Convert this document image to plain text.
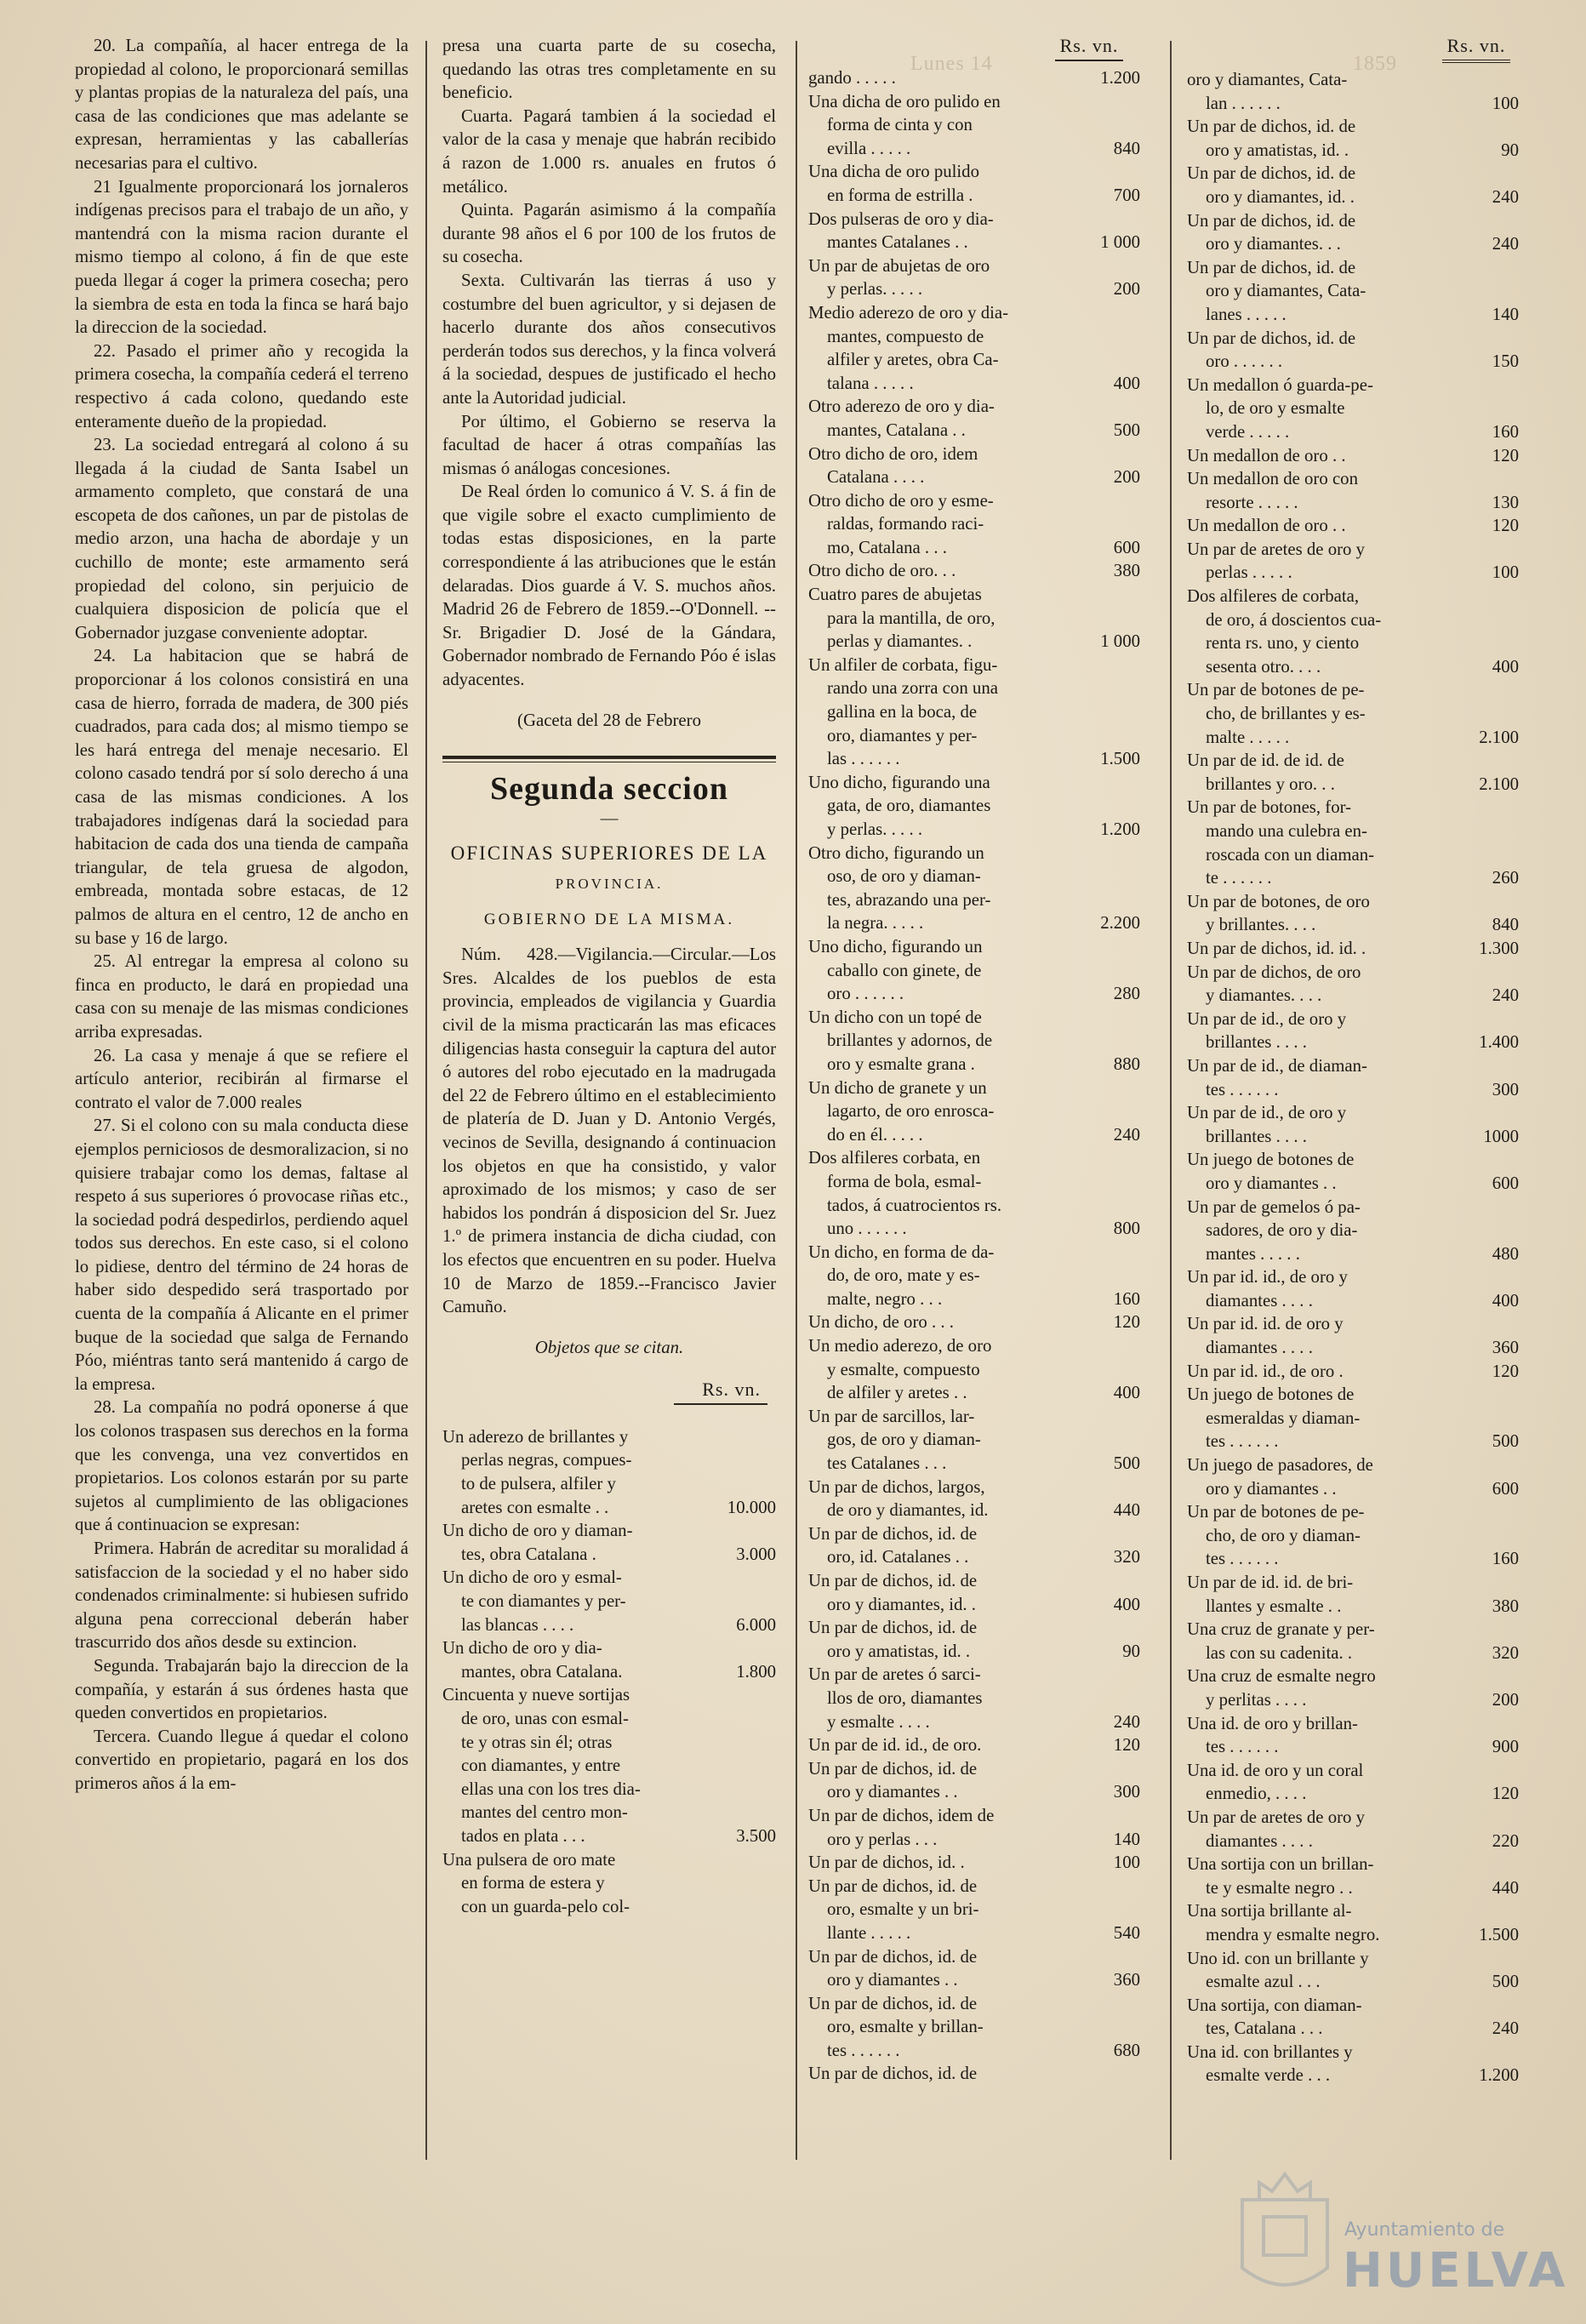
Lunes 14	1859

20. La compañía, al hacer entrega de la propiedad al colono, le proporcionará semillas y plantas propias de la naturaleza del país, una casa de las condiciones que mas adelante se expresan, herramientas y las caballerías necesarias para el cultivo.

21 Igualmente proporcionará los jornaleros indígenas precisos para el trabajo de un año, y mantendrá con la misma racion durante el mismo tiempo al colono, á fin de que este pueda llegar á coger la primera cosecha; pero la siembra de esta en toda la finca se hará bajo la direccion de la sociedad.

22. Pasado el primer año y recogida la primera cosecha, la compañía cederá el terreno respectivo á cada colono, quedando este enteramente dueño de la propiedad.

23. La sociedad entregará al colono á su llegada á la ciudad de Santa Isabel un armamento completo, que constará de una escopeta de dos cañones, un par de pistolas de medio arzon, una hacha de abordaje y un cuchillo de monte; este armamento será propiedad del colono, sin perjuicio de cualquiera disposicion de policía que el Gobernador juzgase conveniente adoptar.

24. La habitacion que se habrá de proporcionar á los colonos consistirá en una casa de hierro, forrada de madera, de 300 piés cuadrados, para cada dos; al mismo tiempo se les hará entrega del menaje necesario. El colono casado tendrá por sí solo derecho á una casa de las mismas condiciones. A los trabajadores indígenas dará la sociedad para habitacion de cada dos una tienda de campaña triangular, de tela gruesa de algodon, embreada, montada sobre estacas, de 12 palmos de altura en el centro, 12 de ancho en su base y 16 de largo.

25. Al entregar la empresa al colono su finca en producto, le dará en propiedad una casa con su menaje de las mismas condiciones arriba expresadas.

26. La casa y menaje á que se refiere el artículo anterior, recibirán al firmarse el contrato el valor de 7.000 reales

27. Si el colono con su mala conducta diese ejemplos perniciosos de desmoralizacion, si no quisiere trabajar como los demas, faltase al respeto á sus superiores ó provocase riñas etc., la sociedad podrá despedirlos, perdiendo aquel todos sus derechos. En este caso, si el colono lo pidiese, dentro del término de 24 horas de haber sido despedido será trasportado por cuenta de la compañía á Alicante en el primer buque de la sociedad que salga de Fernando Póo, miéntras tanto será mantenido á cargo de la empresa.

28. La compañía no podrá oponerse á que los colonos traspasen sus derechos en la forma que les convenga, una vez convertidos en propietarios. Los colonos estarán por su parte sujetos al cumplimiento de las obligaciones que á continuacion se expresan:

Primera. Habrán de acreditar su moralidad á satisfaccion de la sociedad y el no haber sido condenados criminalmente: si hubiesen sufrido alguna pena correccional deberán haber trascurrido dos años desde su extincion.

Segunda. Trabajarán bajo la direccion de la compañía, y estarán á sus órdenes hasta que queden convertidos en propietarios.

Tercera. Cuando llegue á quedar el colono convertido en propietario, pagará en los dos primeros años á la em-

presa una cuarta parte de su cosecha, quedando las otras tres completamente en su beneficio.

Cuarta. Pagará tambien á la sociedad el valor de la casa y menaje que habrán recibido á razon de 1.000 rs. anuales en frutos ó metálico.

Quinta. Pagarán asimismo á la compañía durante 98 años el 6 por 100 de los frutos de su cosecha.

Sexta. Cultivarán las tierras á uso y costumbre del buen agricultor, y si dejasen de hacerlo durante dos años consecutivos perderán todos sus derechos, y la finca volverá á la sociedad, despues de justificado el hecho ante la Autoridad judicial.

Por último, el Gobierno se reserva la facultad de hacer á otras compañías las mismas ó análogas concesiones.

De Real órden lo comunico á V. S. á fin de que vigile sobre el exacto cumplimiento de todas estas disposiciones, en la parte correspondiente á las atribuciones que le están delaradas. Dios guarde á V. S. muchos años. Madrid 26 de Febrero de 1859.--O'Donnell. --Sr. Brigadier D. José de la Gándara, Gobernador nombrado de Fernando Póo é islas adyacentes.

(Gaceta del 28 de Febrero

Segunda seccion
—

OFICINAS SUPERIORES DE LA

PROVINCIA.

GOBIERNO DE LA MISMA.

Núm. 428.—Vigilancia.—Circular.—Los Sres. Alcaldes de los pueblos de esta provincia, empleados de vigilancia y Guardia civil de la misma practicarán las mas eficaces diligencias hasta conseguir la captura del autor ó autores del robo ejecutado en la madrugada del 22 de Febrero último en el establecimiento de platería de D. Juan y D. Antonio Vergés, vecinos de Sevilla, designando á continuacion los objetos en que ha consistido, y valor aproximado de los mismos; y caso de ser habidos los pondrán á disposicion del Sr. Juez 1.º de primera instancia de dicha ciudad, con los efectos que encuentren en su poder. Huelva 10 de Marzo de 1859.--Francisco Javier Camuño.

Objetos que se citan.

Rs. vn.
Un aderezo de brillantes y
perlas negras, compues-
to de pulsera, alfiler y
aretes con esmalte . .	10.000
Un dicho de oro y diaman-
tes, obra Catalana .	3.000
Un dicho de oro y esmal-
te con diamantes y per-
las blancas . . . .	6.000
Un dicho de oro y dia-
mantes, obra Catalana.	1.800
Cincuenta y nueve sortijas
de oro, unas con esmal-
te y otras sin él; otras
con diamantes, y entre
ellas una con los tres dia-
mantes del centro mon-
tados en plata . . .	3.500
Una pulsera de oro mate
en forma de estera y
con un guarda-pelo col-
Rs. vn.
gando . . . . .	1.200
Una dicha de oro pulido en
forma de cinta y con
evilla . . . . .	840
Una dicha de oro pulido
en forma de estrilla .	700
Dos pulseras de oro y dia-
mantes Catalanes . .	1 000
Un par de abujetas de oro
y perlas. . . . .	200
Medio aderezo de oro y dia-
mantes, compuesto de
alfiler y aretes, obra Ca-
talana . . . . .	400
Otro aderezo de oro y dia-
mantes, Catalana . .	500
Otro dicho de oro, idem
Catalana . . . .	200
Otro dicho de oro y esme-
raldas, formando raci-
mo, Catalana . . .	600
Otro dicho de oro. . .	380
Cuatro pares de abujetas
para la mantilla, de oro,
perlas y diamantes. .	1 000
Un alfiler de corbata, figu-
rando una zorra con una
gallina en la boca, de
oro, diamantes y per-
las . . . . . .	1.500
Uno dicho, figurando una
gata, de oro, diamantes
y perlas. . . . .	1.200
Otro dicho, figurando un
oso, de oro y diaman-
tes, abrazando una per-
la negra. . . . .	2.200
Uno dicho, figurando un
caballo con ginete, de
oro . . . . . .	280
Un dicho con un topé de
brillantes y adornos, de
oro y esmalte grana .	880
Un dicho de granete y un
lagarto, de oro enrosca-
do en él. . . . .	240
Dos alfileres corbata, en
forma de bola, esmal-
tados, á cuatrocientos rs.
uno . . . . . .	800
Un dicho, en forma de da-
do, de oro, mate y es-
malte, negro . . .	160
Un dicho, de oro . . .	120
Un medio aderezo, de oro
y esmalte, compuesto
de alfiler y aretes . .	400
Un par de sarcillos, lar-
gos, de oro y diaman-
tes Catalanes . . .	500
Un par de dichos, largos,
de oro y diamantes, id.	440
Un par de dichos, id. de
oro, id. Catalanes . .	320
Un par de dichos, id. de
oro y diamantes, id. .	400
Un par de dichos, id. de
oro y amatistas, id. .	90
Un par de aretes ó sarci-
llos de oro, diamantes
y esmalte . . . .	240
Un par de id. id., de oro.	120
Un par de dichos, id. de
oro y diamantes . .	300
Un par de dichos, idem de
oro y perlas . . .	140
Un par de dichos, id. .	100
Un par de dichos, id. de
oro, esmalte y un bri-
llante . . . . .	540
Un par de dichos, id. de
oro y diamantes . .	360
Un par de dichos, id. de
oro, esmalte y brillan-
tes . . . . . .	680
Un par de dichos, id. de
Rs. vn.
oro y diamantes, Cata-
lan . . . . . .	100
Un par de dichos, id. de
oro y amatistas, id. .	90
Un par de dichos, id. de
oro y diamantes, id. .	240
Un par de dichos, id. de
oro y diamantes. . .	240
Un par de dichos, id. de
oro y diamantes, Cata-
lanes . . . . .	140
Un par de dichos, id. de
oro . . . . . .	150
Un medallon ó guarda-pe-
lo, de oro y esmalte
verde . . . . .	160
Un medallon de oro . .	120
Un medallon de oro con
resorte . . . . .	130
Un medallon de oro . .	120
Un par de aretes de oro y
perlas . . . . .	100
Dos alfileres de corbata,
de oro, á doscientos cua-
renta rs. uno, y ciento
sesenta otro. . . .	400
Un par de botones de pe-
cho, de brillantes y es-
malte . . . . .	2.100
Un par de id. de id. de
brillantes y oro. . .	2.100
Un par de botones, for-
mando una culebra en-
roscada con un diaman-
te . . . . . .	260
Un par de botones, de oro
y brillantes. . . .	840
Un par de dichos, id. id. .	1.300
Un par de dichos, de oro
y diamantes. . . .	240
Un par de id., de oro y
brillantes . . . .	1.400
Un par de id., de diaman-
tes . . . . . .	300
Un par de id., de oro y
brillantes . . . .	1000
Un juego de botones de
oro y diamantes . .	600
Un par de gemelos ó pa-
sadores, de oro y dia-
mantes . . . . .	480
Un par id. id., de oro y
diamantes . . . .	400
Un par id. id. de oro y
diamantes . . . .	360
Un par id. id., de oro .	120
Un juego de botones de
esmeraldas y diaman-
tes . . . . . .	500
Un juego de pasadores, de
oro y diamantes . .	600
Un par de botones de pe-
cho, de oro y diaman-
tes . . . . . .	160
Un par de id. id. de bri-
llantes y esmalte . .	380
Una cruz de granate y per-
las con su cadenita. .	320
Una cruz de esmalte negro
y perlitas . . . .	200
Una id. de oro y brillan-
tes . . . . . .	900
Una id. de oro y un coral
enmedio, . . . .	120
Un par de aretes de oro y
diamantes . . . .	220
Una sortija con un brillan-
te y esmalte negro . .	440
Una sortija brillante al-
mendra y esmalte negro.	1.500
Uno id. con un brillante y
esmalte azul . . .	500
Una sortija, con diaman-
tes, Catalana . . .	240
Una id. con brillantes y
esmalte verde . . .	1.200
Ayuntamiento de
HUELVA
